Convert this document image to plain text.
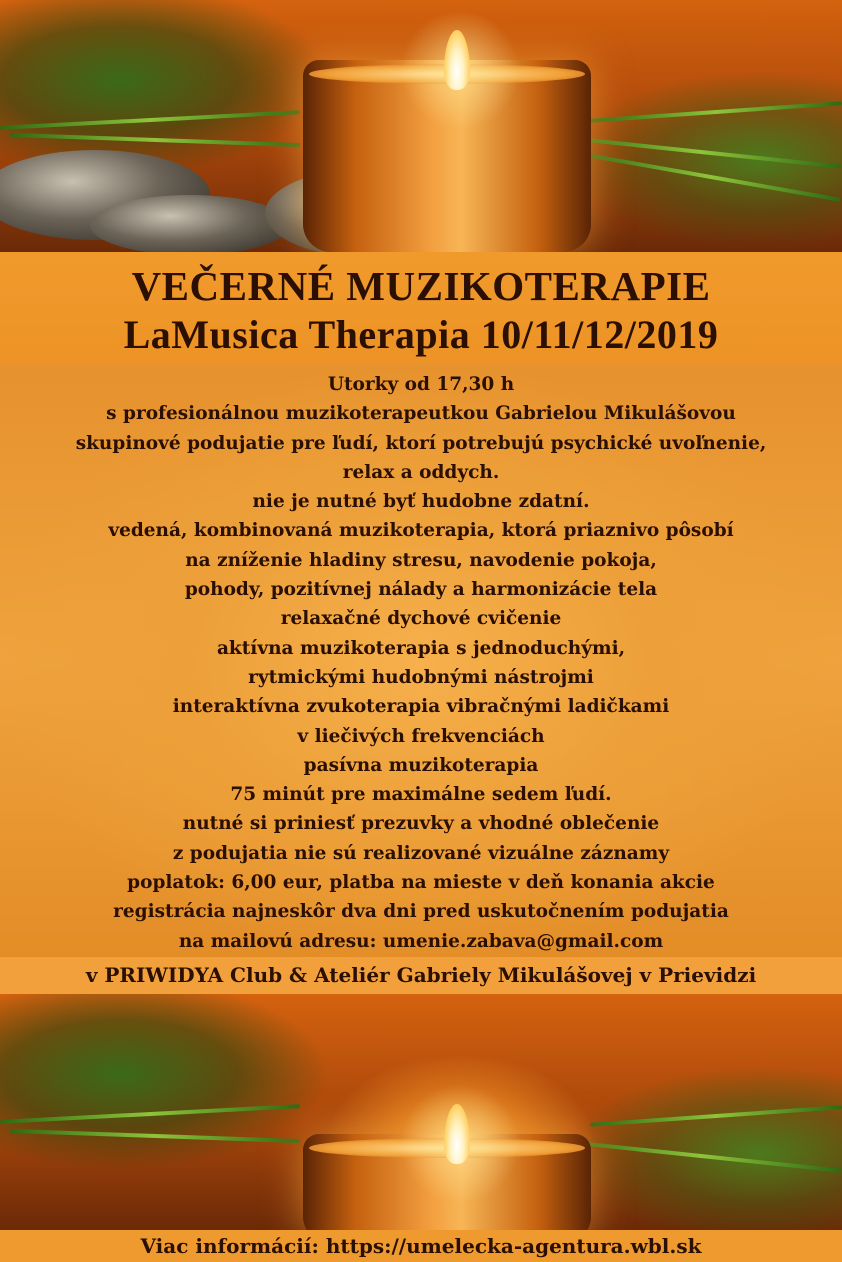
VEČERNÉ MUZIKOTERAPIE
LaMusica Therapia 10/11/12/2019
Utorky od 17,30 h
s profesionálnou muzikoterapeutkou Gabrielou Mikulášovou
skupinové podujatie pre ľudí, ktorí potrebujú psychické uvoľnenie,
relax a oddych.
nie je nutné byť hudobne zdatní.
vedená, kombinovaná muzikoterapia, ktorá priaznivo pôsobí
na zníženie hladiny stresu, navodenie pokoja,
pohody, pozitívnej nálady a harmonizácie tela
relaxačné dychové cvičenie
aktívna muzikoterapia s jednoduchými,
rytmickými hudobnými nástrojmi
interaktívna zvukoterapia vibračnými ladičkami
v liečivých frekvenciách
pasívna muzikoterapia
75 minút pre maximálne sedem ľudí.
nutné si priniesť prezuvky a vhodné oblečenie
z podujatia nie sú realizované vizuálne záznamy
poplatok: 6,00 eur, platba na mieste v deň konania akcie
registrácia najneskôr dva dni pred uskutočnením podujatia
na mailovú adresu: umenie.zabava@gmail.com
v PRIWIDYA Club & Ateliér Gabriely Mikulášovej v Prievidzi
Viac informácií: https://umelecka-agentura.wbl.sk
